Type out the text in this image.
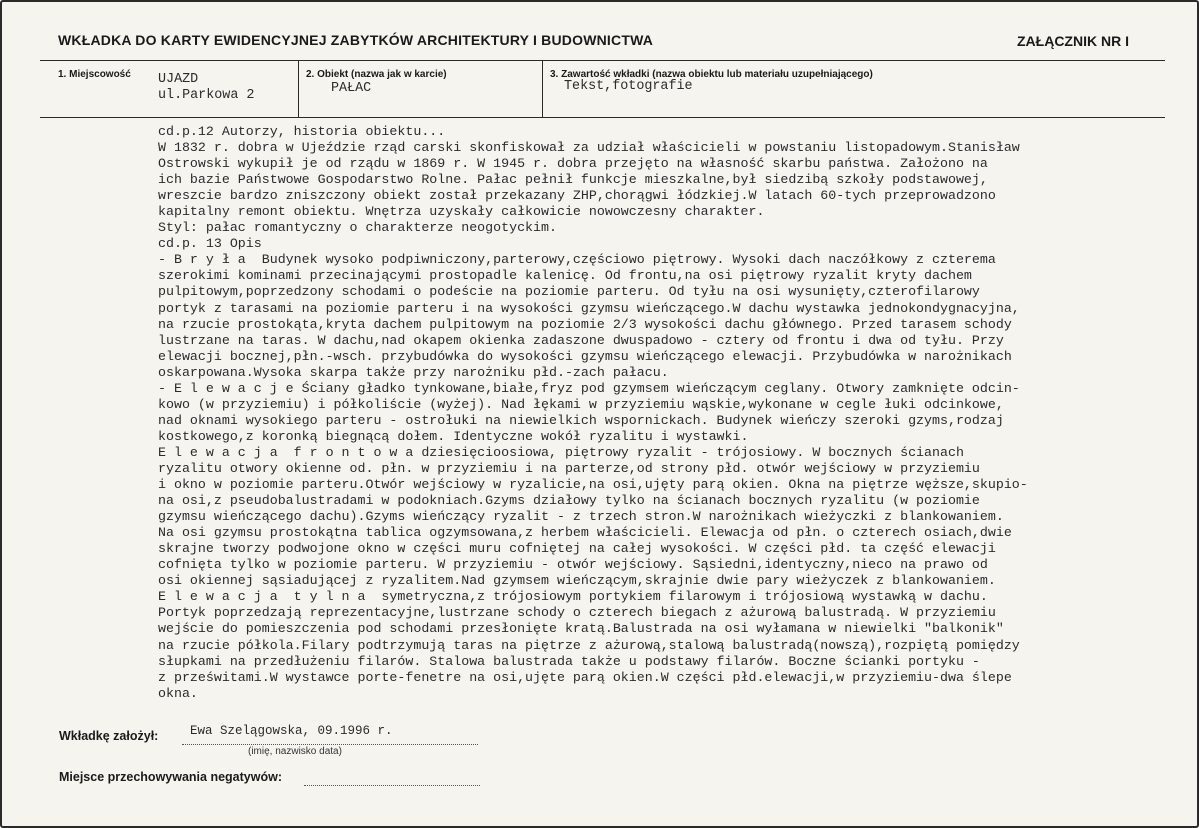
WKŁADKA DO KARTY EWIDENCYJNEJ ZABYTKÓW ARCHITEKTURY I BUDOWNICTWA	ZAŁĄCZNIK NR I
1. Miejscowość UJAZD
ul.Parkowa 2
2. Obiekt (nazwa jak w karcie)
PAŁAC
3. Zawartość wkładki (nazwa obiektu lub materiału uzupełniającego)
Tekst,fotografie
cd.p.12 Autorzy, historia obiektu...
W 1832 r. dobra w Ujeździe rząd carski skonfiskował za udział właścicieli w powstaniu listopadowym.Stanisław
Ostrowski wykupił je od rządu w 1869 r. W 1945 r. dobra przejęto na własność skarbu państwa. Założono na
ich bazie Państwowe Gospodarstwo Rolne. Pałac pełnił funkcje mieszkalne,był siedzibą szkoły podstawowej,
wreszcie bardzo zniszczony obiekt został przekazany ZHP,chorągwi łódzkiej.W latach 60-tych przeprowadzono
kapitalny remont obiektu. Wnętrza uzyskały całkowicie nowowczesny charakter.
Styl: pałac romantyczny o charakterze neogotyckim.
cd.p. 13 Opis
- B r y ł a  Budynek wysoko podpiwniczony,parterowy,częściowo piętrowy. Wysoki dach naczółkowy z czterema
szerokimi kominami przecinającymi prostopadle kalenicę. Od frontu,na osi piętrowy ryzalit kryty dachem
pulpitowym,poprzedzony schodami o podeście na poziomie parteru. Od tyłu na osi wysunięty,czterofilarowy
portyk z tarasami na poziomie parteru i na wysokości gzymsu wieńczącego.W dachu wystawka jednokondygnacyjna,
na rzucie prostokąta,kryta dachem pulpitowym na poziomie 2/3 wysokości dachu głównego. Przed tarasem schody
lustrzane na taras. W dachu,nad okapem okienka zadaszone dwuspadowo - cztery od frontu i dwa od tyłu. Przy
elewacji bocznej,płn.-wsch. przybudówka do wysokości gzymsu wieńczącego elewacji. Przybudówka w narożnikach
oskarpowana.Wysoka skarpa także przy narożniku płd.-zach pałacu.
- E l e w a c j e Ściany gładko tynkowane,białe,fryz pod gzymsem wieńczącym ceglany. Otwory zamknięte odcin-
kowo (w przyziemiu) i półkoliście (wyżej). Nad łękami w przyziemiu wąskie,wykonane w cegle łuki odcinkowe,
nad oknami wysokiego parteru - ostrołuki na niewielkich wspornickach. Budynek wieńczy szeroki gzyms,rodzaj
kostkowego,z koronką biegnącą dołem. Identyczne wokół ryzalitu i wystawki.
E l e w a c j a  f r o n t o w a dziesięcioosiowa, piętrowy ryzalit - trójosiowy. W bocznych ścianach
ryzalitu otwory okienne od. płn. w przyziemiu i na parterze,od strony płd. otwór wejściowy w przyziemiu
i okno w poziomie parteru.Otwór wejściowy w ryzalicie,na osi,ujęty parą okien. Okna na piętrze węższe,skupio-
na osi,z pseudobalustradami w podokniach.Gzyms działowy tylko na ścianach bocznych ryzalitu (w poziomie
gzymsu wieńczącego dachu).Gzyms wieńczący ryzalit - z trzech stron.W narożnikach wieżyczki z blankowaniem.
Na osi gzymsu prostokątna tablica ogzymsowana,z herbem właścicieli. Elewacja od płn. o czterech osiach,dwie
skrajne tworzy podwojone okno w części muru cofniętej na całej wysokości. W części płd. ta część elewacji
cofnięta tylko w poziomie parteru. W przyziemiu - otwór wejściowy. Sąsiedni,identyczny,nieco na prawo od
osi okiennej sąsiadującej z ryzalitem.Nad gzymsem wieńczącym,skrajnie dwie pary wieżyczek z blankowaniem.
E l e w a c j a  t y l n a  symetryczna,z trójosiowym portykiem filarowym i trójosiową wystawką w dachu.
Portyk poprzedzają reprezentacyjne,lustrzane schody o czterech biegach z ażurową balustradą. W przyziemiu
wejście do pomieszczenia pod schodami przesłonięte kratą.Balustrada na osi wyłamana w niewielki "balkonik"
na rzucie półkola.Filary podtrzymują taras na piętrze z ażurową,stalową balustradą(nowszą),rozpiętą pomiędzy
słupkami na przedłużeniu filarów. Stalowa balustrada także u podstawy filarów. Boczne ścianki portyku -
z prześwitami.W wystawce porte-fenetre na osi,ujęte parą okien.W części płd.elewacji,w przyziemiu-dwa ślepe
okna.
Wkładkę założył:	Ewa Szelągowska, 09.1996 r.
(imię, nazwisko data)
Miejsce przechowywania negatywów:
